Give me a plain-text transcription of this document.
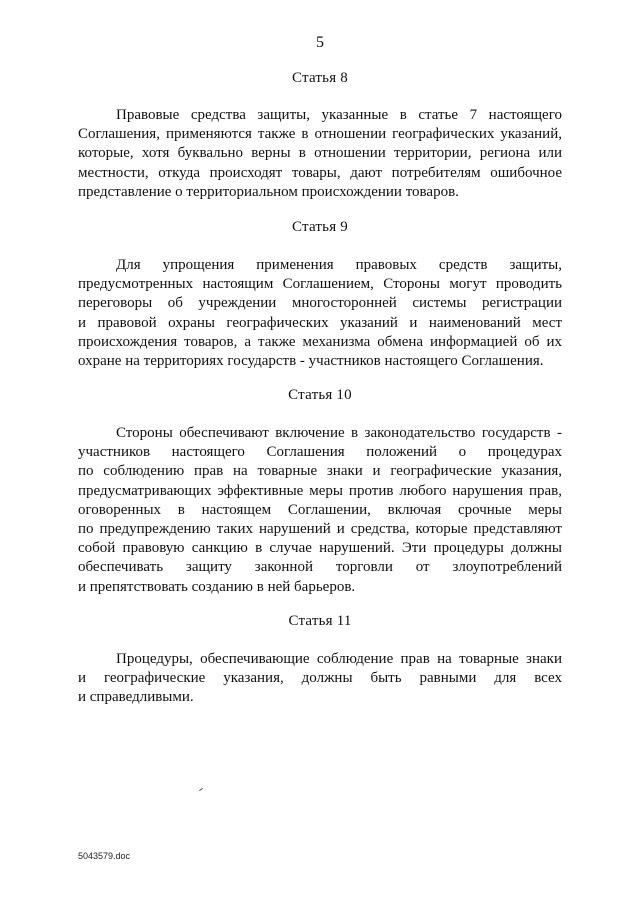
5
Статья 8
Правовые средства защиты, указанные в статье 7 настоящего
Соглашения, применяются также в отношении географических указаний,
которые, хотя буквально верны в отношении территории, региона или
местности, откуда происходят товары, дают потребителям ошибочное
представление о территориальном происхождении товаров.
Статья 9
Для упрощения применения правовых средств защиты,
предусмотренных настоящим Соглашением, Стороны могут проводить
переговоры об учреждении многосторонней системы регистрации
и правовой охраны географических указаний и наименований мест
происхождения товаров, а также механизма обмена информацией об их
охране на территориях государств - участников настоящего Соглашения.
Статья 10
Стороны обеспечивают включение в законодательство государств -
участников настоящего Соглашения положений о процедурах
по соблюдению прав на товарные знаки и географические указания,
предусматривающих эффективные меры против любого нарушения прав,
оговоренных в настоящем Соглашении, включая срочные меры
по предупреждению таких нарушений и средства, которые представляют
собой правовую санкцию в случае нарушений. Эти процедуры должны
обеспечивать защиту законной торговли от злоупотреблений
и препятствовать созданию в ней барьеров.
Статья 11
Процедуры, обеспечивающие соблюдение прав на товарные знаки
и географические указания, должны быть равными для всех
и справедливыми.
5043579.doc
